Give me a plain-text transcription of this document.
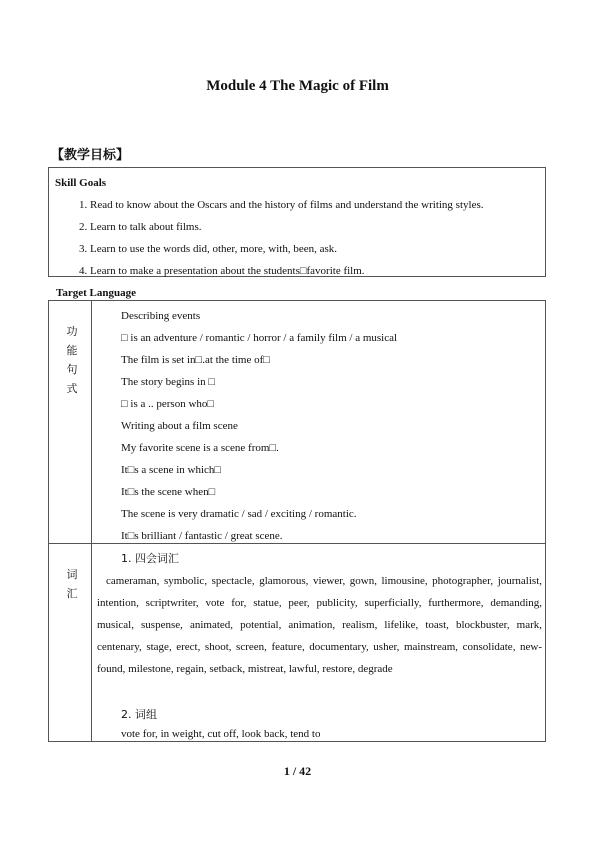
Module 4 The Magic of Film
【教学目标】
Skill Goals
1. Read to know about the Oscars and the history of films and understand the writing styles.
2. Learn to talk about films.
3. Learn to use the words did, other, more, with, been, ask.
4. Learn to make a presentation about the students□favorite film.
Target Language
功
能
句
式
Describing events
□ is an adventure / romantic / horror / a family film / a musical
The film is set in□.at the time of□
The story begins in □
□ is a .. person who□
Writing about a film scene
My favorite scene is a scene from□.
It□s a scene in which□
It□s the scene when□
The scene is very dramatic / sad / exciting / romantic.
It□s brilliant / fantastic / great scene.
词
汇
1. 四会词汇
cameraman, symbolic, spectacle, glamorous, viewer, gown, limousine, photographer, journalist, intention, scriptwriter, vote for, statue, peer, publicity, superficially, furthermore, demanding, musical, suspense, animated, potential, animation, realism, lifelike, toast, blockbuster, mark, centenary, stage, erect, shoot, screen, feature, documentary, usher, mainstream, consolidate, new-found, milestone, regain, setback, mistreat, lawful, restore, degrade
2. 词组
vote for, in weight, cut off, look back, tend to
1 / 42
